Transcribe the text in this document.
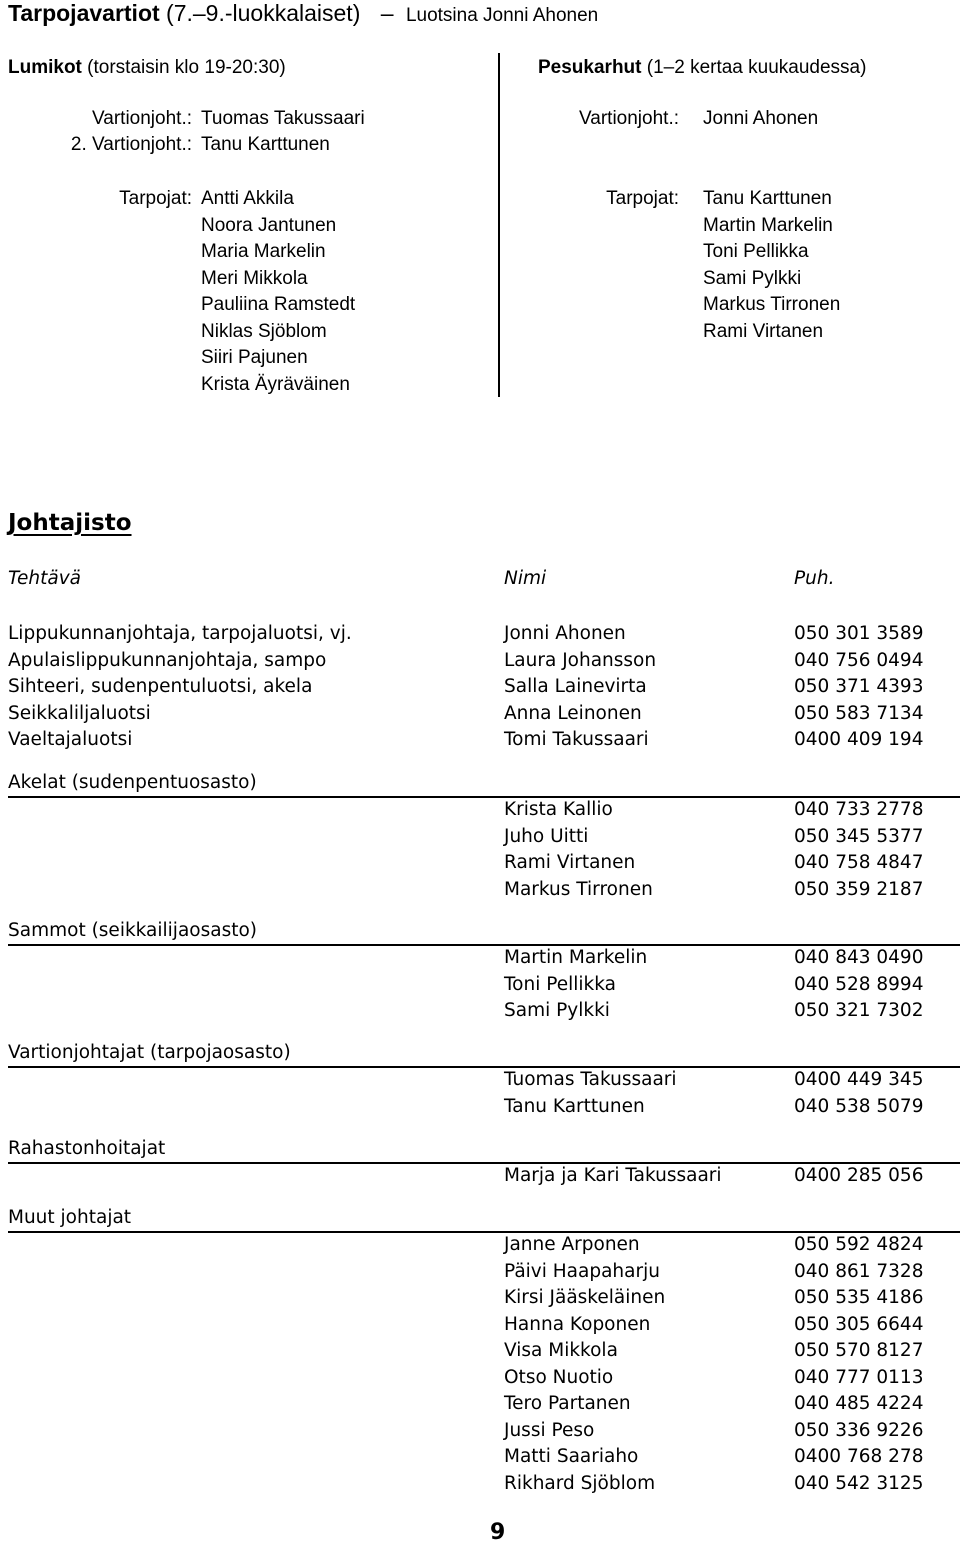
Tarpojavartiot (7.–9.-luokkalaiset) – Luotsina Jonni Ahonen
Lumikot (torstaisin klo 19-20:30)
Vartionjoht.: Tuomas Takussaari
2. Vartionjoht.: Tanu Karttunen
Tarpojat: Antti Akkila
Noora Jantunen
Maria Markelin
Meri Mikkola
Pauliina Ramstedt
Niklas Sjöblom
Siiri Pajunen
Krista Äyräväinen
Pesukarhut (1–2 kertaa kuukaudessa)
Vartionjoht.: Jonni Ahonen
Tarpojat: Tanu Karttunen
Martin Markelin
Toni Pellikka
Sami Pylkki
Markus Tirronen
Rami Virtanen
Johtajisto
Tehtävä	Nimi	Puh.
Lippukunnanjohtaja, tarpojaluotsi, vj.	Jonni Ahonen	050 301 3589
Apulaislippukunnanjohtaja, sampo	Laura Johansson	040 756 0494
Sihteeri, sudenpentuluotsi, akela	Salla Lainevirta	050 371 4393
Seikkaliljaluotsi	Anna Leinonen	050 583 7134
Vaeltajaluotsi	Tomi Takussaari	0400 409 194
Akelat (sudenpentuosasto)
Krista Kallio	040 733 2778
Juho Uitti	050 345 5377
Rami Virtanen	040 758 4847
Markus Tirronen	050 359 2187
Sammot (seikkailijaosasto)
Martin Markelin	040 843 0490
Toni Pellikka	040 528 8994
Sami Pylkki	050 321 7302
Vartionjohtajat (tarpojaosasto)
Tuomas Takussaari	0400 449 345
Tanu Karttunen	040 538 5079
Rahastonhoitajat
Marja ja Kari Takussaari	0400 285 056
Muut johtajat
Janne Arponen	050 592 4824
Päivi Haapaharju	040 861 7328
Kirsi Jääskeläinen	050 535 4186
Hanna Koponen	050 305 6644
Visa Mikkola	050 570 8127
Otso Nuotio	040 777 0113
Tero Partanen	040 485 4224
Jussi Peso	050 336 9226
Matti Saariaho	0400 768 278
Rikhard Sjöblom	040 542 3125
9
